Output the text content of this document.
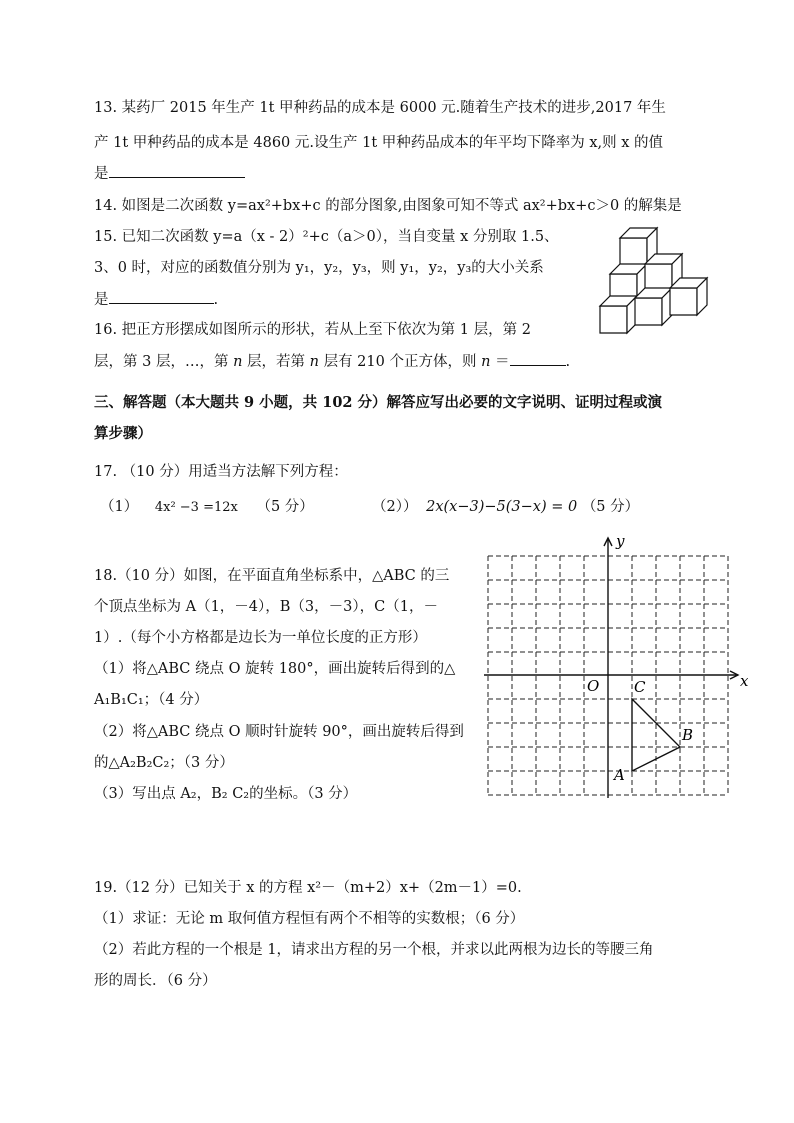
13. 某药厂 2015 年生产 1t 甲种药品的成本是 6000 元.随着生产技术的进步,2017 年生
产 1t 甲种药品的成本是 4860 元.设生产 1t 甲种药品成本的年平均下降率为 x,则 x 的值
是
14. 如图是二次函数 y=ax²+bx+c 的部分图象,由图象可知不等式 ax²+bx+c＞0 的解集是
15. 已知二次函数 y=a（x - 2）²+c（a＞0），当自变量 x 分别取 1.5、
3、0 时，对应的函数值分别为 y₁，y₂，y₃，则 y₁，y₂，y₃的大小关系
是	.
16. 把正方形摆成如图所示的形状，若从上至下依次为第 1 层，第 2
层，第 3 层，…，第 n 层，若第 n 层有 210 个正方体，则 n ＝	.
三、解答题（本大题共 9 小题，共 102 分）解答应写出必要的文字说明、证明过程或演
算步骤）
17. （10 分）用适当方法解下列方程：
（1） 4x² −3 =12x （5 分）	（2）） 2x(x−3)−5(3−x) = 0 （5 分）
18.（10 分）如图，在平面直角坐标系中，△ABC 的三
个顶点坐标为 A（1，－4），B（3，－3），C（1，－
1）.（每个小方格都是边长为一单位长度的正方形）
（1）将△ABC 绕点 O 旋转 180°，画出旋转后得到的△
A₁B₁C₁；（4 分）
（2）将△ABC 绕点 O 顺时针旋转 90°，画出旋转后得到
的△A₂B₂C₂；（3 分）
（3）写出点 A₂，B₂ C₂的坐标。（3 分）
x
y
O C
B
A
19.（12 分）已知关于 x 的方程 x²－（m+2）x+（2m－1）=0.
（1）求证：无论 m 取何值方程恒有两个不相等的实数根；（6 分）
（2）若此方程的一个根是 1，请求出方程的另一个根，并求以此两根为边长的等腰三角
形的周长．（6 分）
